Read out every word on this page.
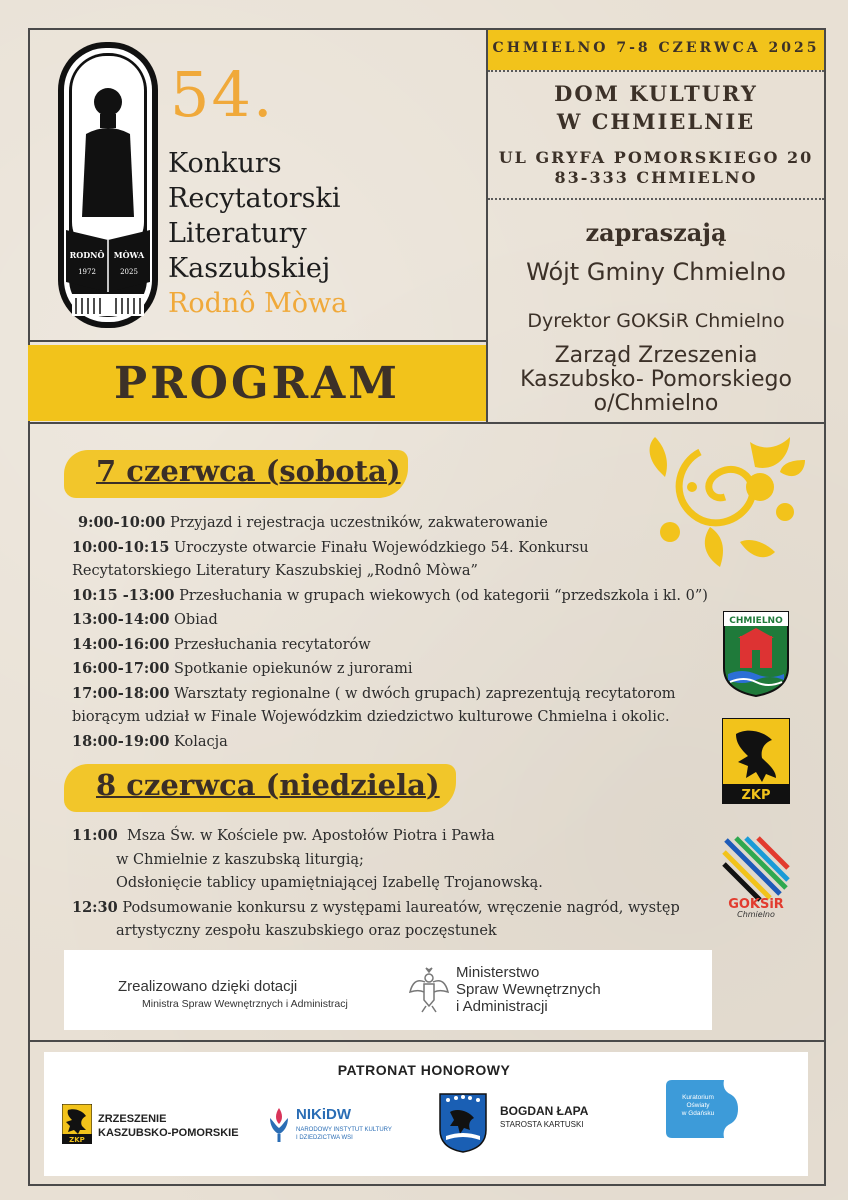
RODNÔ MÒWA
1972	2025
54.
Konkurs
Recytatorski
Literatury
Kaszubskiej
Rodnô Mòwa
PROGRAM
CHMIELNO 7-8 CZERWCA 2025
DOM KULTURY
W CHMIELNIE
UL GRYFA POMORSKIEGO 20
83-333 CHMIELNO
zapraszają
Wójt Gminy Chmielno
Dyrektor GOKSiR Chmielno
Zarząd Zrzeszenia
Kaszubsko- Pomorskiego
o/Chmielno
7 czerwca (sobota)
9:00-10:00 Przyjazd i rejestracja uczestników, zakwaterowanie
10:00-10:15 Uroczyste otwarcie Finału Wojewódzkiego 54. Konkursu
Recytatorskiego Literatury Kaszubskiej „Rodnô Mòwa”
10:15 -13:00 Przesłuchania w grupach wiekowych (od kategorii “przedszkola i kl. 0”)
13:00-14:00 Obiad
14:00-16:00 Przesłuchania recytatorów
16:00-17:00 Spotkanie opiekunów z jurorami
17:00-18:00 Warsztaty regionalne ( w dwóch grupach) zaprezentują recytatorom
biorącym udział w Finale Wojewódzkim dziedzictwo kulturowe Chmielna i okolic.
18:00-19:00 Kolacja
8 czerwca (niedziela)
11:00 Msza Św. w Kościele pw. Apostołów Piotra i Pawła
w Chmielnie z kaszubską liturgią;
Odsłonięcie tablicy upamiętniającej Izabellę Trojanowską.
12:30 Podsumowanie konkursu z występami laureatów, wręczenie nagród, występ
artystyczny zespołu kaszubskiego oraz poczęstunek
CHMIELNO
ZKP
GOKSiR
Chmielno
Zrealizowano dzięki dotacji
Ministra Spraw Wewnętrznych i Administracj
Ministerstwo
Spraw Wewnętrznych
i Administracji
PATRONAT HONOROWY
ZKP
ZRZESZENIE
KASZUBSKO-POMORSKIE
NIKiDW
NARODOWY INSTYTUT KULTURY
I DZIEDZICTWA WSI
BOGDAN ŁAPA
STAROSTA KARTUSKI
Kuratorium
Oświaty
w Gdańsku
